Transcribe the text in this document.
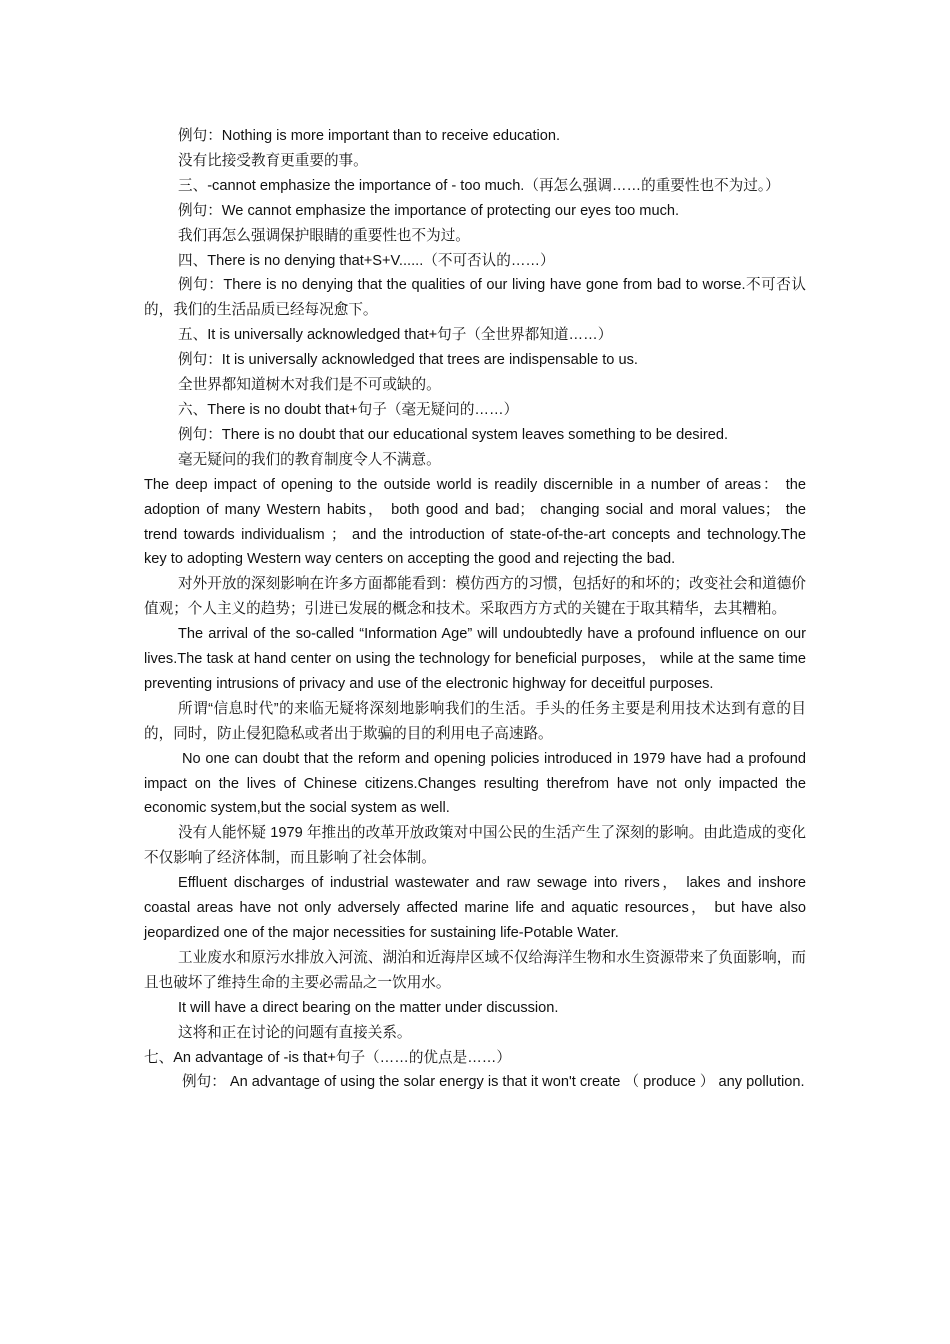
例句：Nothing is more important than to receive education.

没有比接受教育更重要的事。

三、-cannot emphasize the importance of - too much.（再怎么强调……的重要性也不为过。）

例句：We cannot emphasize the importance of protecting our eyes too much.

我们再怎么强调保护眼睛的重要性也不为过。

四、There is no denying that+S+V......（不可否认的……）

例句：There is no denying that the qualities of our living have gone from bad to worse.不可否认的，我们的生活品质已经每况愈下。

五、It is universally acknowledged that+句子（全世界都知道……）

例句：It is universally acknowledged that trees are indispensable to us.

全世界都知道树木对我们是不可或缺的。

六、There is no doubt that+句子（毫无疑问的……）

例句：There is no doubt that our educational system leaves something to be desired.

毫无疑问的我们的教育制度令人不满意。

The deep impact of opening to the outside world is readily discernible in a number of areas： the adoption of many Western habits， both good and bad； changing social and moral values； the trend towards individualism ； and the introduction of state-of-the-art concepts and technology.The key to adopting Western way centers on accepting the good and rejecting the bad.

对外开放的深刻影响在许多方面都能看到：模仿西方的习惯，包括好的和坏的；改变社会和道德价值观；个人主义的趋势；引进已发展的概念和技术。采取西方方式的关键在于取其精华，去其糟粕。

The arrival of the so-called “Information Age” will undoubtedly have a profound influence on our lives.The task at hand center on using the technology for beneficial purposes， while at the same time preventing intrusions of privacy and use of the electronic highway for deceitful purposes.

所谓“信息时代”的来临无疑将深刻地影响我们的生活。手头的任务主要是利用技术达到有意的目的，同时，防止侵犯隐私或者出于欺骗的目的利用电子高速路。

No one can doubt that the reform and opening policies introduced in 1979 have had a profound impact on the lives of Chinese citizens.Changes resulting therefrom have not only impacted the economic system,but the social system as well.

没有人能怀疑 1979 年推出的改革开放政策对中国公民的生活产生了深刻的影响。由此造成的变化不仅影响了经济体制，而且影响了社会体制。

Effluent discharges of industrial wastewater and raw sewage into rivers， lakes and inshore coastal areas have not only adversely affected marine life and aquatic resources， but have also jeopardized one of the major necessities for sustaining life-Potable Water.

工业废水和原污水排放入河流、湖泊和近海岸区域不仅给海洋生物和水生资源带来了负面影响，而且也破坏了维持生命的主要必需品之一饮用水。

It will have a direct bearing on the matter under discussion.

这将和正在讨论的问题有直接关系。

七、An advantage of -is that+句子（……的优点是……）

例句： An advantage of using the solar energy is that it won't create （ produce ） any pollution.
